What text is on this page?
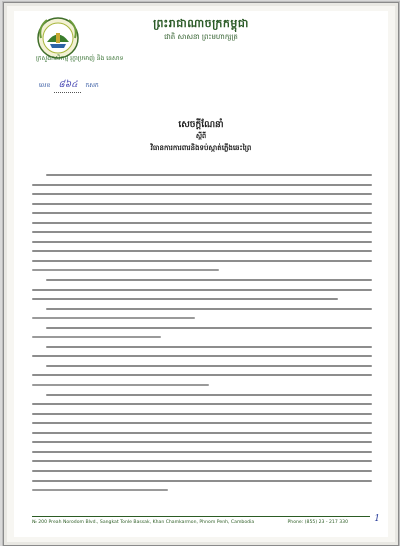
ព្រះរាជាណាចក្រកម្ពុជា
ជាតិ សាសនា ព្រះមហាក្សត្រ
ក្រសួងកសិកម្ម រុក្ខាប្រមាញ់ និង នេសាទ
លេខ ៨៦៤ កសក
សេចក្តីណែនាំ
ស្តីពី
វិធានការការពារនិងទប់ស្កាត់ភ្លើងឆេះព្រៃ
№ 200 Preah Norodom Blvd., Sangkat Tonle Bassak, Khan Chamkarmon, Phnom Penh, Cambodia	Phone: (855) 23 - 217 330	1
